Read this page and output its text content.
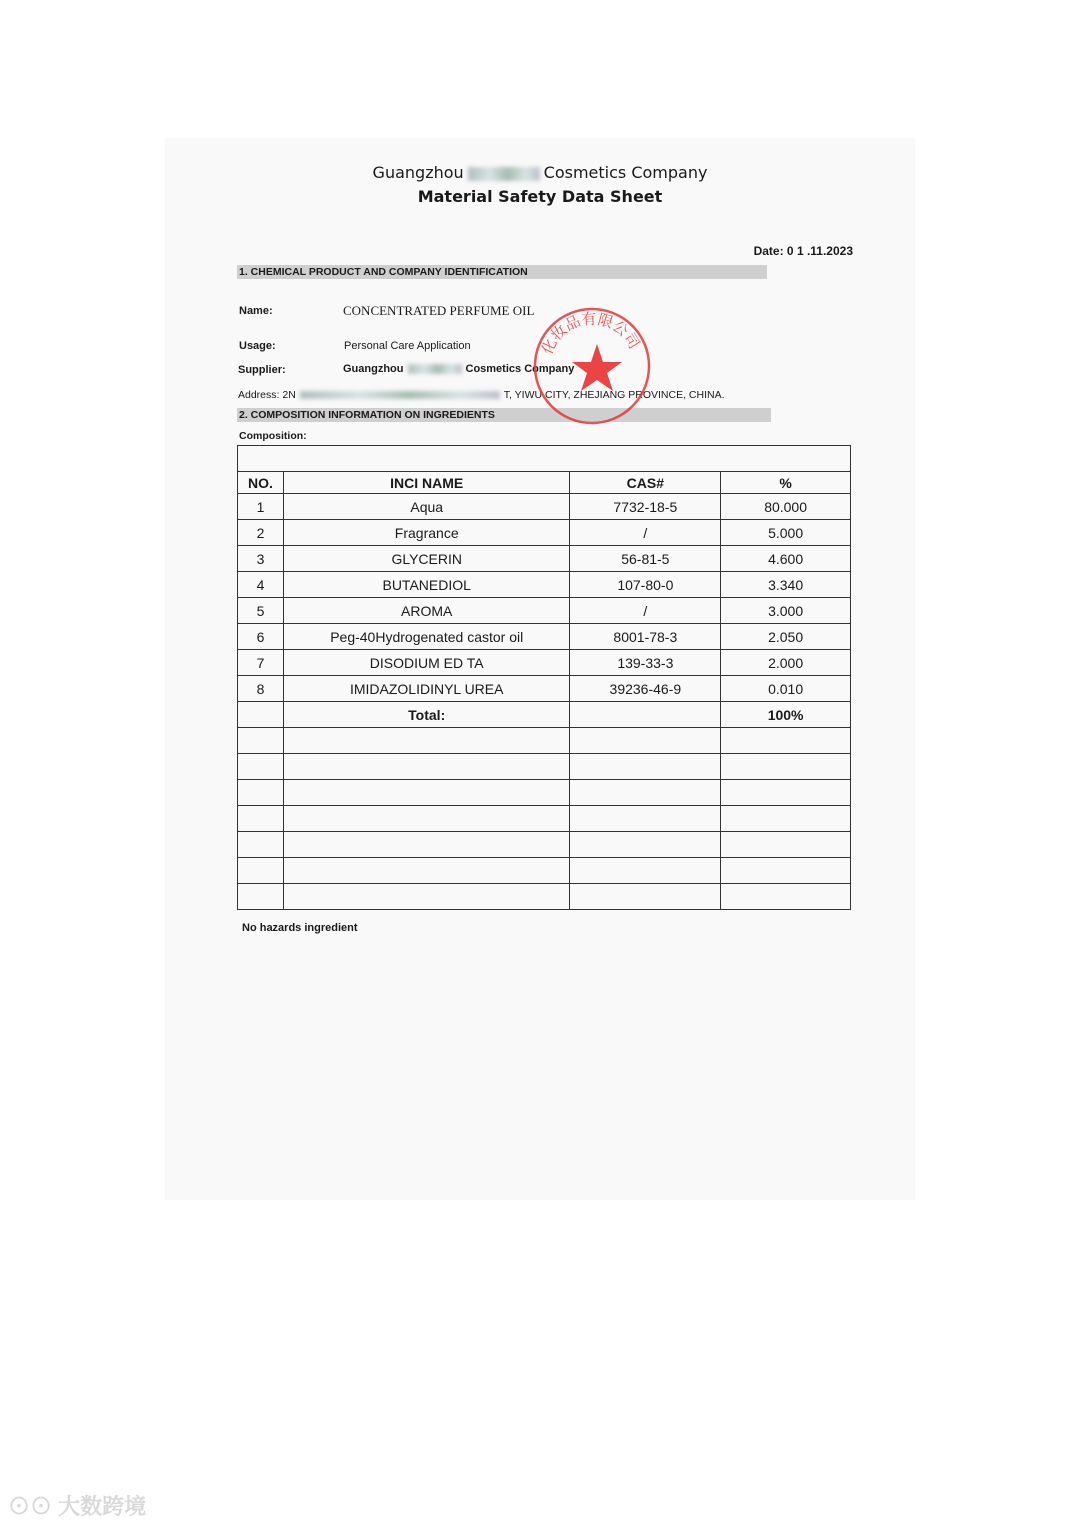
Guangzhou	Cosmetics Company
Material Safety Data Sheet
Date: 0 1 .11.2023
1. CHEMICAL PRODUCT AND COMPANY IDENTIFICATION
Name:	CONCENTRATED PERFUME OIL
Usage:	Personal Care Application
Supplier:	Guangzhou	Cosmetics Company
Address: 2N	T, YIWU CITY, ZHEJIANG PROVINCE, CHINA.
2. COMPOSITION INFORMATION ON INGREDIENTS
Composition:

NO.	INCI NAME	CAS#	%
1	Aqua	7732-18-5	80.000
2	Fragrance	/	5.000
3	GLYCERIN	56-81-5	4.600
4	BUTANEDIOL	107-80-0	3.340
5	AROMA	/	3.000
6	Peg-40Hydrogenated castor oil	8001-78-3	2.050
7	DISODIUM ED TA	139-33-3	2.000
8	IMIDAZOLIDINYL UREA	39236-46-9	0.010
	Total:		100%

No hazards ingredient
化妆品有限公司
⊙⊙ 大数跨境
